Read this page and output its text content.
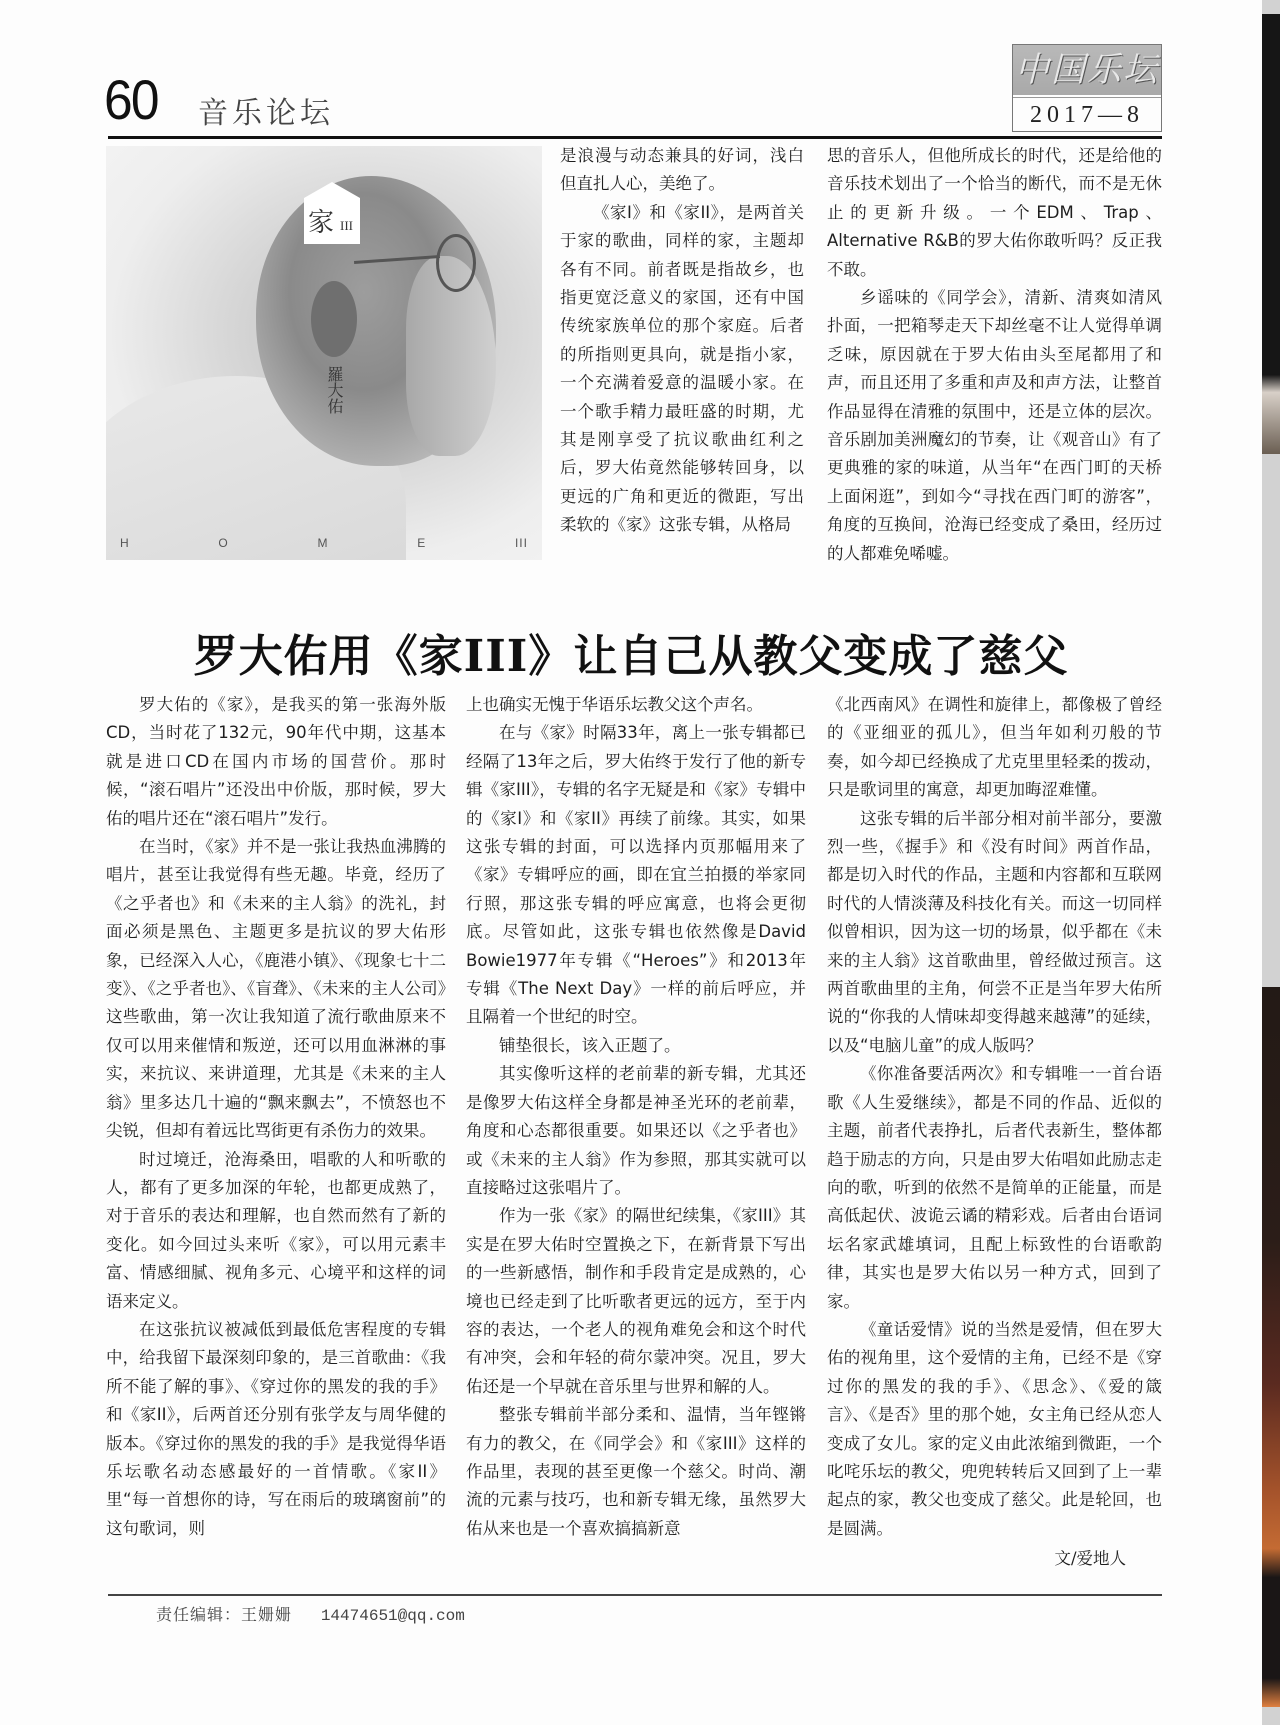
60 音乐论坛
中国乐坛
2017—8
家 III
羅大佑
H	O	M	E	III

是浪漫与动态兼具的好词，浅白但直扎人心，美绝了。

《家I》和《家II》，是两首关于家的歌曲，同样的家，主题却各有不同。前者既是指故乡，也指更宽泛意义的家国，还有中国传统家族单位的那个家庭。后者的所指则更具向，就是指小家，一个充满着爱意的温暖小家。在一个歌手精力最旺盛的时期，尤其是刚享受了抗议歌曲红利之后，罗大佑竟然能够转回身，以更远的广角和更近的微距，写出柔软的《家》这张专辑，从格局

思的音乐人，但他所成长的时代，还是给他的音乐技术划出了一个恰当的断代，而不是无休止的更新升级。一个EDM、Trap、Alternative R&B的罗大佑你敢听吗？反正我不敢。

乡谣味的《同学会》，清新、清爽如清风扑面，一把箱琴走天下却丝毫不让人觉得单调乏味，原因就在于罗大佑由头至尾都用了和声，而且还用了多重和声及和声方法，让整首作品显得在清雅的氛围中，还是立体的层次。音乐剧加美洲魔幻的节奏，让《观音山》有了更典雅的家的味道，从当年“在西门町的天桥上面闲逛”，到如今“寻找在西门町的游客”，角度的互换间，沧海已经变成了桑田，经历过的人都难免唏嘘。

罗大佑用《家III》让自己从教父变成了慈父

罗大佑的《家》，是我买的第一张海外版CD，当时花了132元，90年代中期，这基本就是进口CD在国内市场的国营价。那时候，“滚石唱片”还没出中价版，那时候，罗大佑的唱片还在“滚石唱片”发行。

在当时，《家》并不是一张让我热血沸腾的唱片，甚至让我觉得有些无趣。毕竟，经历了《之乎者也》和《未来的主人翁》的洗礼，封面必须是黑色、主题更多是抗议的罗大佑形象，已经深入人心，《鹿港小镇》、《现象七十二变》、《之乎者也》、《盲聋》、《未来的主人公司》这些歌曲，第一次让我知道了流行歌曲原来不仅可以用来催情和叛逆，还可以用血淋淋的事实，来抗议、来讲道理，尤其是《未来的主人翁》里多达几十遍的“飘来飘去”，不愤怒也不尖锐，但却有着远比骂街更有杀伤力的效果。

时过境迁，沧海桑田，唱歌的人和听歌的人，都有了更多加深的年轮，也都更成熟了，对于音乐的表达和理解，也自然而然有了新的变化。如今回过头来听《家》，可以用元素丰富、情感细腻、视角多元、心境平和这样的词语来定义。

在这张抗议被减低到最低危害程度的专辑中，给我留下最深刻印象的，是三首歌曲：《我所不能了解的事》、《穿过你的黑发的我的手》和《家II》，后两首还分别有张学友与周华健的版本。《穿过你的黑发的我的手》是我觉得华语乐坛歌名动态感最好的一首情歌。《家II》里“每一首想你的诗，写在雨后的玻璃窗前”的这句歌词，则

上也确实无愧于华语乐坛教父这个声名。

在与《家》时隔33年，离上一张专辑都已经隔了13年之后，罗大佑终于发行了他的新专辑《家III》，专辑的名字无疑是和《家》专辑中的《家I》和《家II》再续了前缘。其实，如果这张专辑的封面，可以选择内页那幅用来了《家》专辑呼应的画，即在宜兰拍摄的举家同行照，那这张专辑的呼应寓意，也将会更彻底。尽管如此，这张专辑也依然像是David Bowie1977年专辑《“Heroes”》和2013年专辑《The Next Day》一样的前后呼应，并且隔着一个世纪的时空。

铺垫很长，该入正题了。

其实像听这样的老前辈的新专辑，尤其还是像罗大佑这样全身都是神圣光环的老前辈，角度和心态都很重要。如果还以《之乎者也》或《未来的主人翁》作为参照，那其实就可以直接略过这张唱片了。

作为一张《家》的隔世纪续集，《家III》其实是在罗大佑时空置换之下，在新背景下写出的一些新感悟，制作和手段肯定是成熟的，心境也已经走到了比听歌者更远的远方，至于内容的表达，一个老人的视角难免会和这个时代有冲突，会和年轻的荷尔蒙冲突。况且，罗大佑还是一个早就在音乐里与世界和解的人。

整张专辑前半部分柔和、温情，当年铿锵有力的教父，在《同学会》和《家III》这样的作品里，表现的甚至更像一个慈父。时尚、潮流的元素与技巧，也和新专辑无缘，虽然罗大佑从来也是一个喜欢搞搞新意

《北西南风》在调性和旋律上，都像极了曾经的《亚细亚的孤儿》，但当年如利刃般的节奏，如今却已经换成了尤克里里轻柔的拨动，只是歌词里的寓意，却更加晦涩难懂。

这张专辑的后半部分相对前半部分，要激烈一些，《握手》和《没有时间》两首作品，都是切入时代的作品，主题和内容都和互联网时代的人情淡薄及科技化有关。而这一切同样似曾相识，因为这一切的场景，似乎都在《未来的主人翁》这首歌曲里，曾经做过预言。这两首歌曲里的主角，何尝不正是当年罗大佑所说的“你我的人情味却变得越来越薄”的延续，以及“电脑儿童”的成人版吗？

《你准备要活两次》和专辑唯一一首台语歌《人生爱继续》，都是不同的作品、近似的主题，前者代表挣扎，后者代表新生，整体都趋于励志的方向，只是由罗大佑唱如此励志走向的歌，听到的依然不是简单的正能量，而是高低起伏、波诡云谲的精彩戏。后者由台语词坛名家武雄填词，且配上标致性的台语歌韵律，其实也是罗大佑以另一种方式，回到了家。

《童话爱情》说的当然是爱情，但在罗大佑的视角里，这个爱情的主角，已经不是《穿过你的黑发的我的手》、《思念》、《爱的箴言》、《是否》里的那个她，女主角已经从恋人变成了女儿。家的定义由此浓缩到微距，一个叱咤乐坛的教父，兜兜转转后又回到了上一辈起点的家，教父也变成了慈父。此是轮回，也是圆满。

文/爱地人

责任编辑：王姗姗 14474651@qq.com
